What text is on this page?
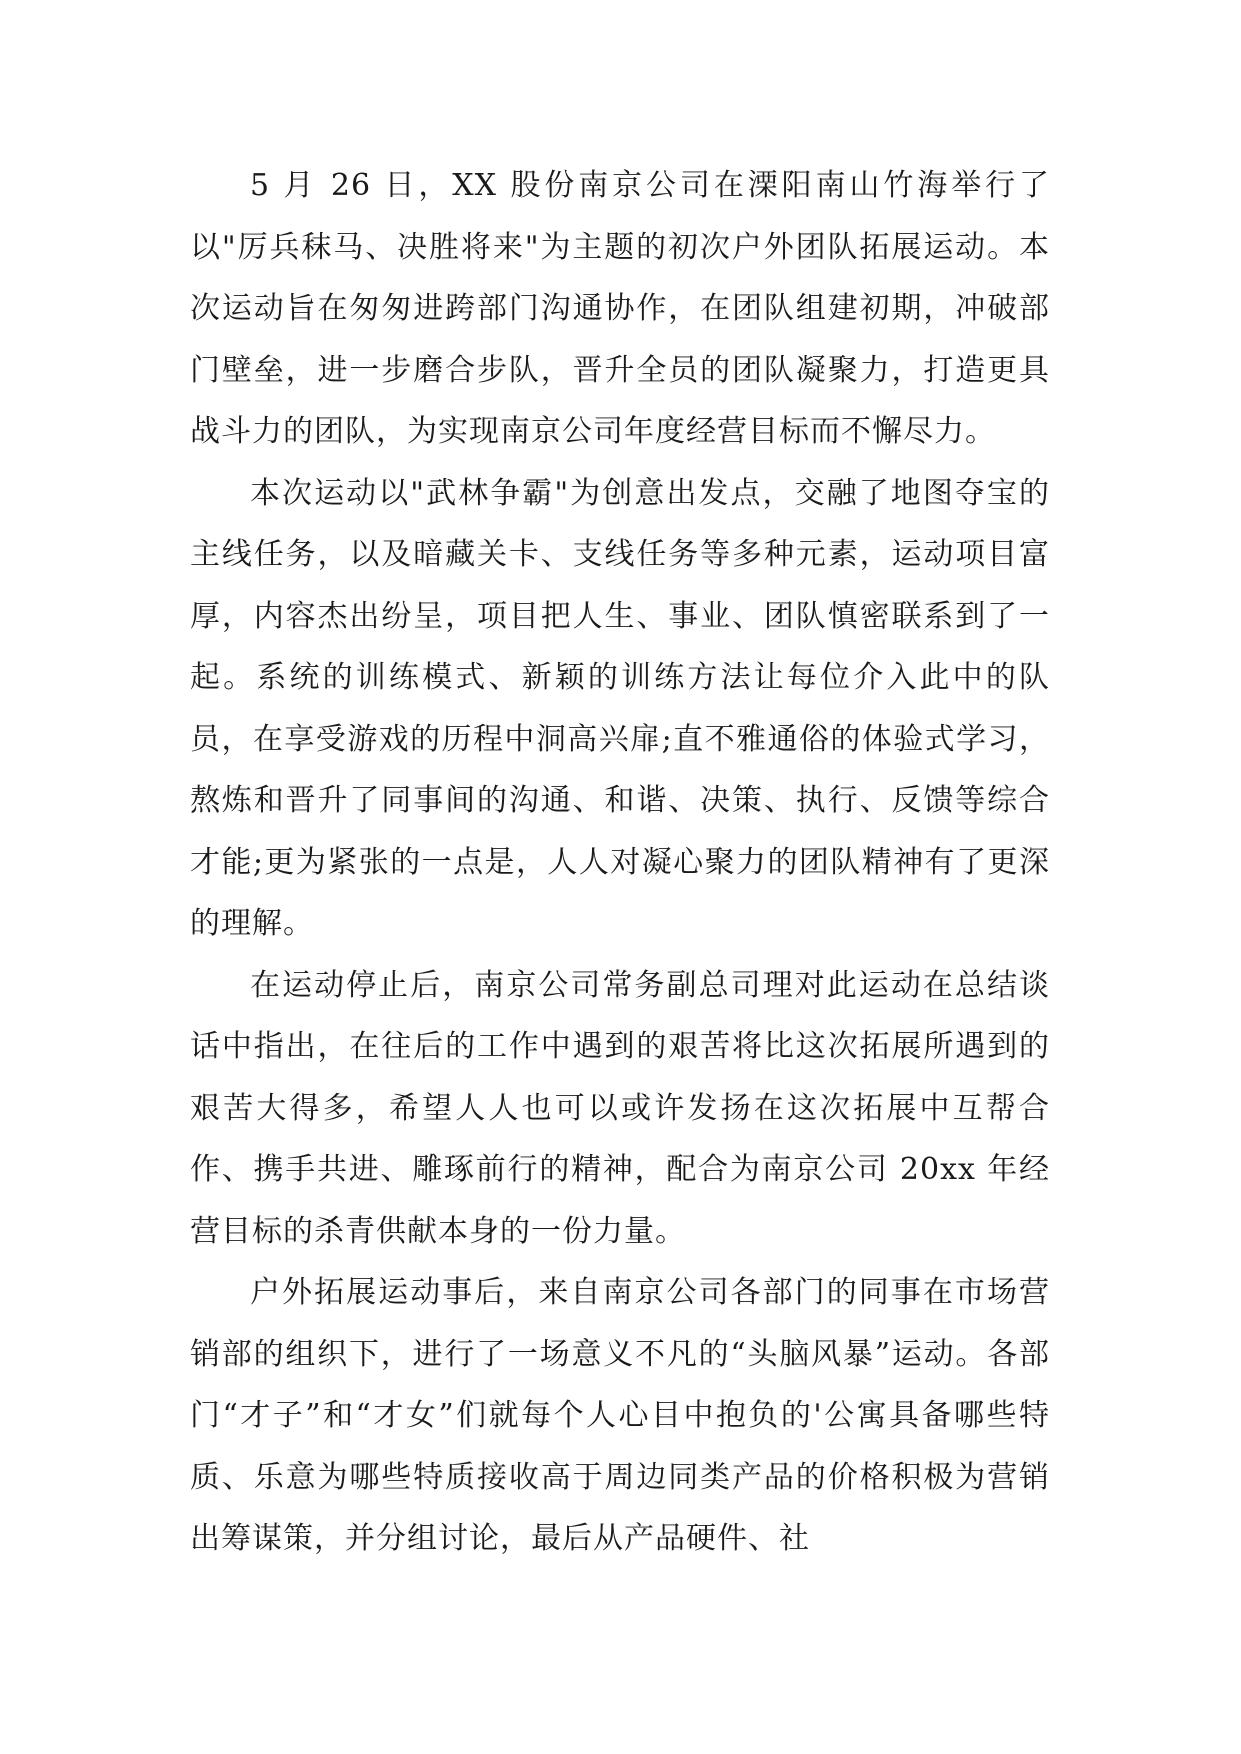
5 月 26 日，XX 股份南京公司在溧阳南山竹海举行了以"厉兵秣马、决胜将来"为主题的初次户外团队拓展运动。本次运动旨在匆匆进跨部门沟通协作，在团队组建初期，冲破部门壁垒，进一步磨合步队，晋升全员的团队凝聚力，打造更具战斗力的团队，为实现南京公司年度经营目标而不懈尽力。

本次运动以"武林争霸"为创意出发点，交融了地图夺宝的主线任务，以及暗藏关卡、支线任务等多种元素，运动项目富厚，内容杰出纷呈，项目把人生、事业、团队慎密联系到了一起。系统的训练模式、新颖的训练方法让每位介入此中的队员，在享受游戏的历程中洞高兴扉;直不雅通俗的体验式学习，熬炼和晋升了同事间的沟通、和谐、决策、执行、反馈等综合才能;更为紧张的一点是，人人对凝心聚力的团队精神有了更深的理解。

在运动停止后，南京公司常务副总司理对此运动在总结谈话中指出，在往后的工作中遇到的艰苦将比这次拓展所遇到的艰苦大得多，希望人人也可以或许发扬在这次拓展中互帮合作、携手共进、雕琢前行的精神，配合为南京公司 20xx 年经营目标的杀青供献本身的一份力量。

户外拓展运动事后，来自南京公司各部门的同事在市场营销部的组织下，进行了一场意义不凡的“头脑风暴”运动。各部门“才子”和“才女”们就每个人心目中抱负的'公寓具备哪些特质、乐意为哪些特质接收高于周边同类产品的价格积极为营销出筹谋策，并分组讨论，最后从产品硬件、社
